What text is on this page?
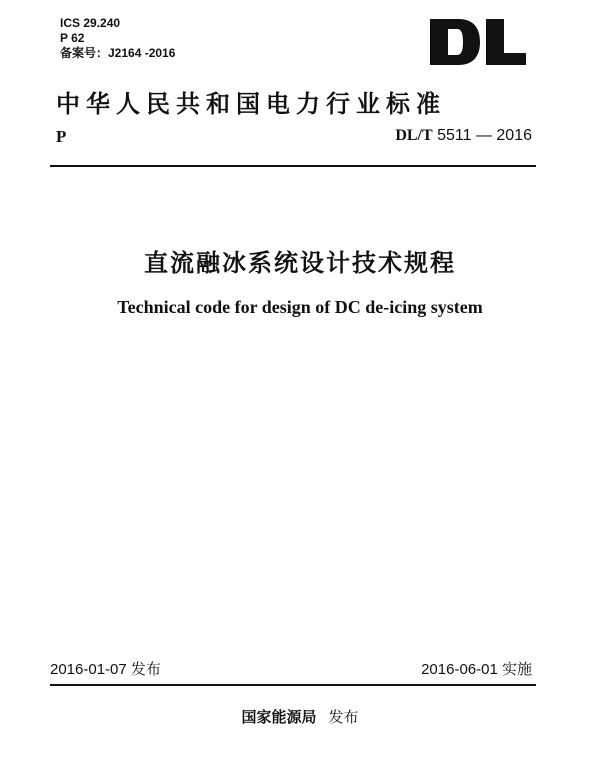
ICS 29.240
P 62
备案号：J2164 -2016
中华人民共和国电力行业标准
P	DL/T 5511 — 2016
直流融冰系统设计技术规程
Technical code for design of DC de-icing system
2016-01-07 发布	2016-06-01 实施
国家能源局 发布
